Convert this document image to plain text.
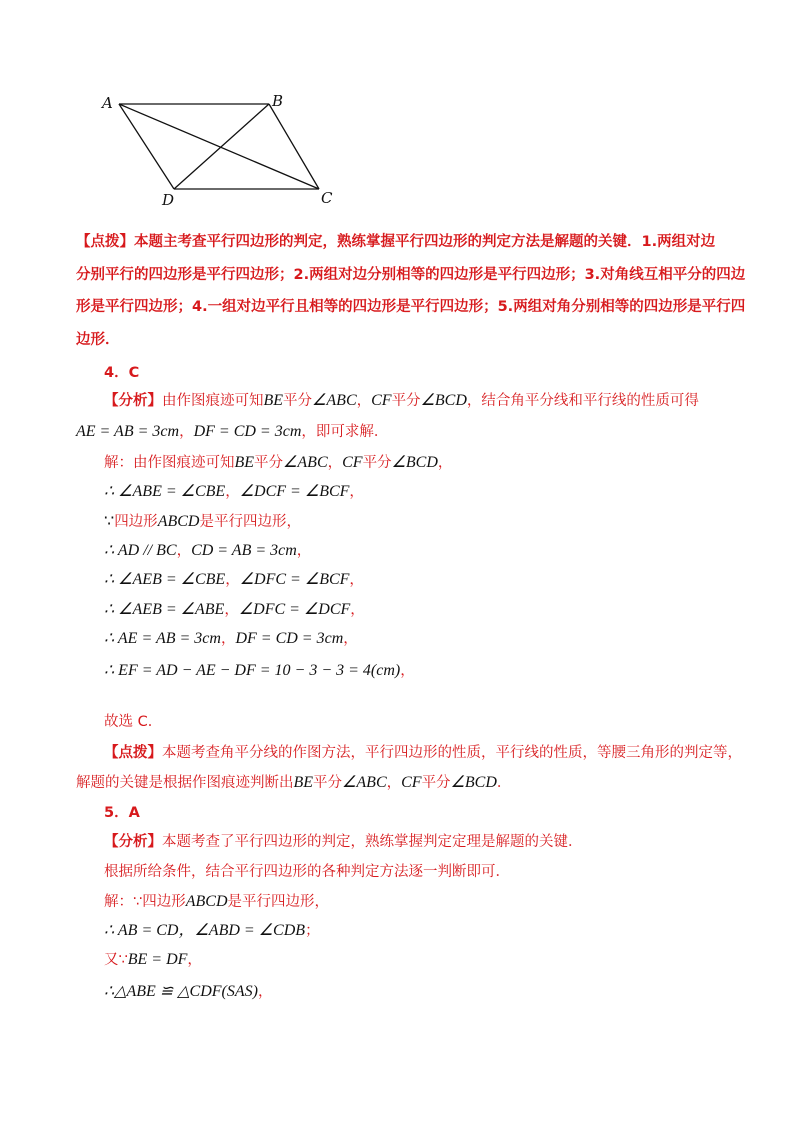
A	B
C
D
【点拨】本题主考查平行四边形的判定，熟练掌握平行四边形的判定方法是解题的关键．1.两组对边
分别平行的四边形是平行四边形；2.两组对边分别相等的四边形是平行四边形；3.对角线互相平分的四边
形是平行四边形；4.一组对边平行且相等的四边形是平行四边形；5.两组对角分别相等的四边形是平行四
边形．
4．C
【分析】由作图痕迹可知BE平分∠ABC，CF平分∠BCD，结合角平分线和平行线的性质可得
AE = AB = 3cm，DF = CD = 3cm，即可求解．
解：由作图痕迹可知BE平分∠ABC，CF平分∠BCD，
∴ ∠ABE = ∠CBE，∠DCF = ∠BCF，
∵四边形ABCD是平行四边形，
∴ AD // BC，CD = AB = 3cm，
∴ ∠AEB = ∠CBE，∠DFC = ∠BCF，
∴ ∠AEB = ∠ABE，∠DFC = ∠DCF，
∴ AE = AB = 3cm，DF = CD = 3cm，
∴ EF = AD − AE − DF = 10 − 3 − 3 = 4(cm)，
故选 C．
【点拨】本题考查角平分线的作图方法，平行四边形的性质，平行线的性质，等腰三角形的判定等，
解题的关键是根据作图痕迹判断出BE平分∠ABC，CF平分∠BCD．
5．A
【分析】本题考查了平行四边形的判定，熟练掌握判定定理是解题的关键．
根据所给条件，结合平行四边形的各种判定方法逐一判断即可．
解：∵四边形ABCD是平行四边形，
∴ AB = CD，∠ABD = ∠CDB；
又∵BE = DF，
∴△ABE ≌ △CDF(SAS)，
